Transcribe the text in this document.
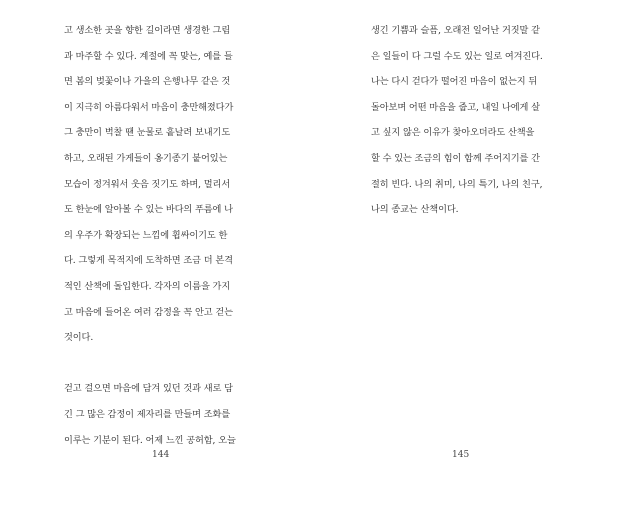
고 생소한 곳을 향한 길이라면 생경한 그림
과 마주할 수 있다. 계절에 꼭 맞는, 예를 들
면 봄의 벚꽃이나 가을의 은행나무 같은 것
이 지극히 아름다워서 마음이 충만해졌다가
그 충만이 벅찰 땐 눈물로 흩날려 보내기도
하고, 오래된 가게들이 옹기종기 붙어있는
모습이 정겨워서 웃음 짓기도 하며, 멀리서
도 한눈에 알아볼 수 있는 바다의 푸름에 나
의 우주가 확장되는 느낌에 휩싸이기도 한
다. 그렇게 목적지에 도착하면 조금 더 본격
적인 산책에 돌입한다. 각자의 이름을 가지
고 마음에 들어온 여러 감정을 꼭 안고 걷는
것이다.

걷고 걸으면 마음에 담겨 있던 것과 새로 담
긴 그 많은 감정이 제자리를 만들며 조화를
이루는 기분이 된다. 어제 느낀 공허함, 오늘

144

생긴 기쁨과 슬픔, 오래전 일어난 거짓말 같
은 일들이 다 그럴 수도 있는 일로 여겨진다.
나는 다시 걷다가 떨어진 마음이 없는지 뒤
돌아보며 어떤 마음을 줍고, 내일 나에게 살
고 싶지 않은 이유가 찾아오더라도 산책을
할 수 있는 조금의 힘이 함께 주어지기를 간
절히 빈다. 나의 취미, 나의 특기, 나의 친구,
나의 종교는 산책이다.

145
